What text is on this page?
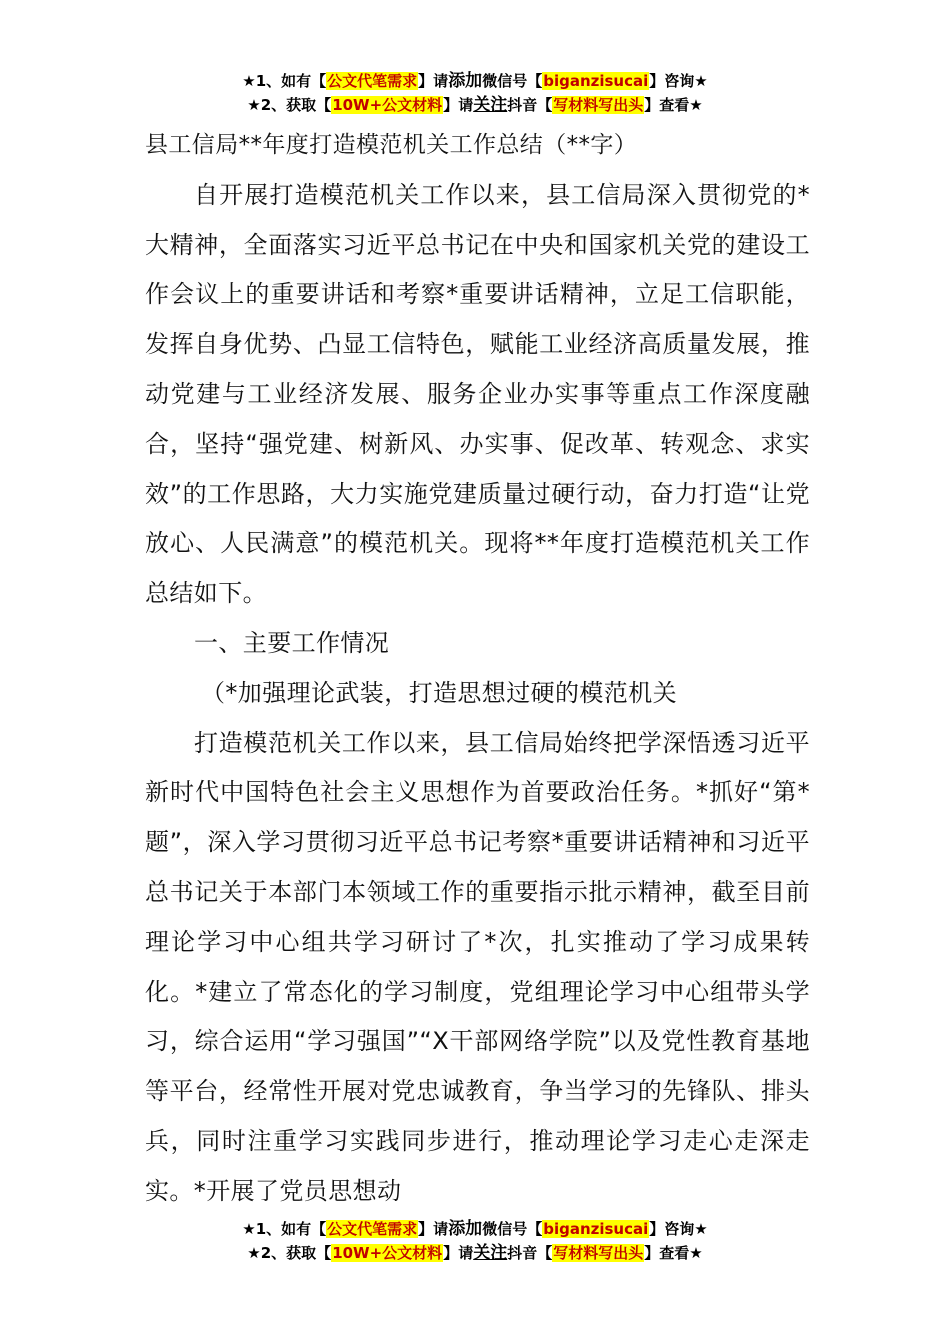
★1、如有【公文代笔需求】请添加微信号【biganzisucai】咨询★
★2、获取【10W+公文材料】请关注抖音【写材料写出头】查看★

县工信局**年度打造模范机关工作总结（**字）

自开展打造模范机关工作以来，县工信局深入贯彻党的*大精神，全面落实习近平总书记在中央和国家机关党的建设工作会议上的重要讲话和考察*重要讲话精神，立足工信职能，发挥自身优势、凸显工信特色，赋能工业经济高质量发展，推动党建与工业经济发展、服务企业办实事等重点工作深度融合，坚持“强党建、树新风、办实事、促改革、转观念、求实效”的工作思路，大力实施党建质量过硬行动，奋力打造“让党放心、人民满意”的模范机关。现将**年度打造模范机关工作总结如下。

一、主要工作情况

（*加强理论武装，打造思想过硬的模范机关

打造模范机关工作以来，县工信局始终把学深悟透习近平新时代中国特色社会主义思想作为首要政治任务。*抓好“第*题”，深入学习贯彻习近平总书记考察*重要讲话精神和习近平总书记关于本部门本领域工作的重要指示批示精神，截至目前理论学习中心组共学习研讨了*次，扎实推动了学习成果转化。*建立了常态化的学习制度，党组理论学习中心组带头学习，综合运用“学习强国”“X干部网络学院”以及党性教育基地等平台，经常性开展对党忠诚教育，争当学习的先锋队、排头兵，同时注重学习实践同步进行，推动理论学习走心走深走实。*开展了党员思想动

★1、如有【公文代笔需求】请添加微信号【biganzisucai】咨询★
★2、获取【10W+公文材料】请关注抖音【写材料写出头】查看★
